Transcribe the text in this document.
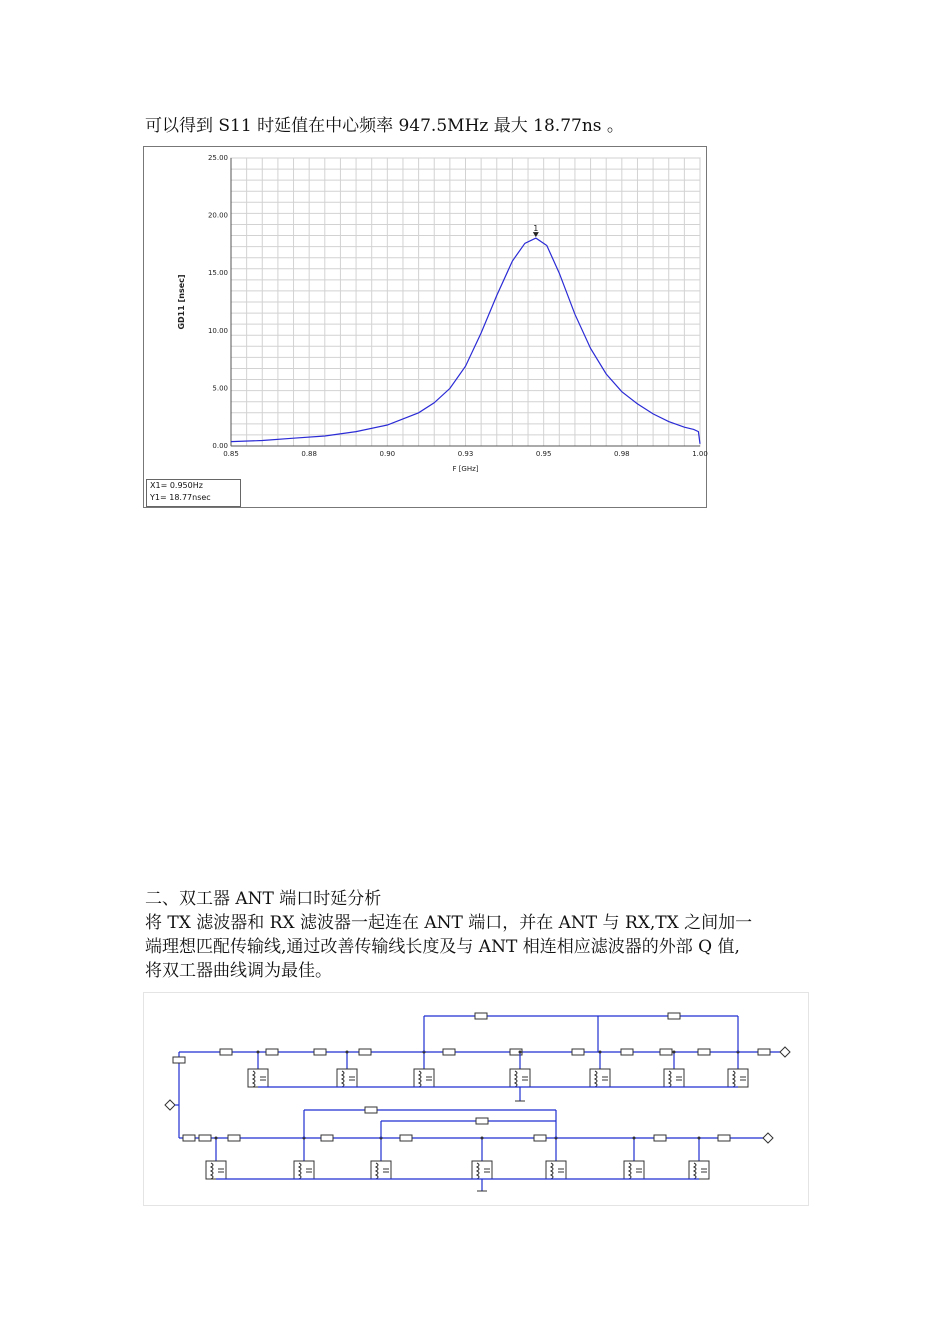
可以得到 S11 时延值在中心频率 947.5MHz 最大 18.77ns 。
0.85	0.88	0.90	0.93	0.95	0.98	1.00
0.00
5.00
10.00
15.00
20.00
25.00
F [GHz]
GD11 [nsec]
1
X1= 0.950Hz
Y1= 18.77nsec
二、双工器 ANT 端口时延分析
将 TX 滤波器和 RX 滤波器一起连在 ANT 端口，并在 ANT 与 RX,TX 之间加一
端理想匹配传输线,通过改善传输线长度及与 ANT 相连相应滤波器的外部 Q 值,
将双工器曲线调为最佳。
